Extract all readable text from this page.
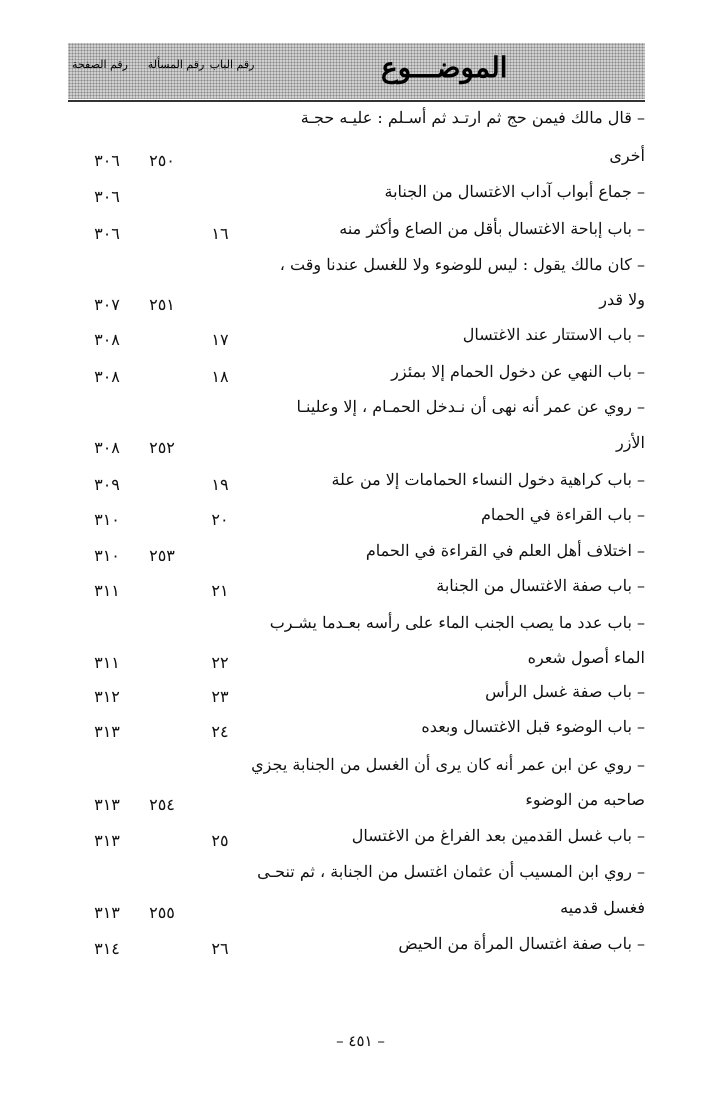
الموضـــوع
رقم الباب
رقم المسألة
رقم الصفحة
– قال مالك فيمن حج ثم ارتـد ثم أسـلم : عليـه حجـة
أخرى
٢٥٠
٣٠٦
– جماع أبواب آداب الاغتسال من الجنابة
٣٠٦
– باب إباحة الاغتسال بأقل من الصاع وأكثر منه
١٦
٣٠٦
– كان مالك يقول : ليس للوضوء ولا للغسل عندنا وقت ،
ولا قدر
٢٥١
٣٠٧
– باب الاستتار عند الاغتسال
١٧
٣٠٨
– باب النهي عن دخول الحمام إلا بمئزر
١٨
٣٠٨
– روي عن عمر أنه نهى أن نـدخل الحمـام ، إلا وعلينـا
الأزر
٢٥٢
٣٠٨
– باب كراهية دخول النساء الحمامات إلا من علة
١٩
٣٠٩
– باب القراءة في الحمام
٢٠
٣١٠
– اختلاف أهل العلم في القراءة في الحمام
٢٥٣
٣١٠
– باب صفة الاغتسال من الجنابة
٢١
٣١١
– باب عدد ما يصب الجنب الماء على رأسه بعـدما يشـرب
الماء أصول شعره
٢٢
٣١١
– باب صفة غسل الرأس
٢٣
٣١٢
– باب الوضوء قبل الاغتسال وبعده
٢٤
٣١٣
– روي عن ابن عمر أنه كان يرى أن الغسل من الجنابة يجزي
صاحبه من الوضوء
٢٥٤
٣١٣
– باب غسل القدمين بعد الفراغ من الاغتسال
٢٥
٣١٣
– روي ابن المسيب أن عثمان اغتسل من الجنابة ، ثم تنحـى
فغسل قدميه
٢٥٥
٣١٣
– باب صفة اغتسال المرأة من الحيض
٢٦
٣١٤
– ٤٥١ –
